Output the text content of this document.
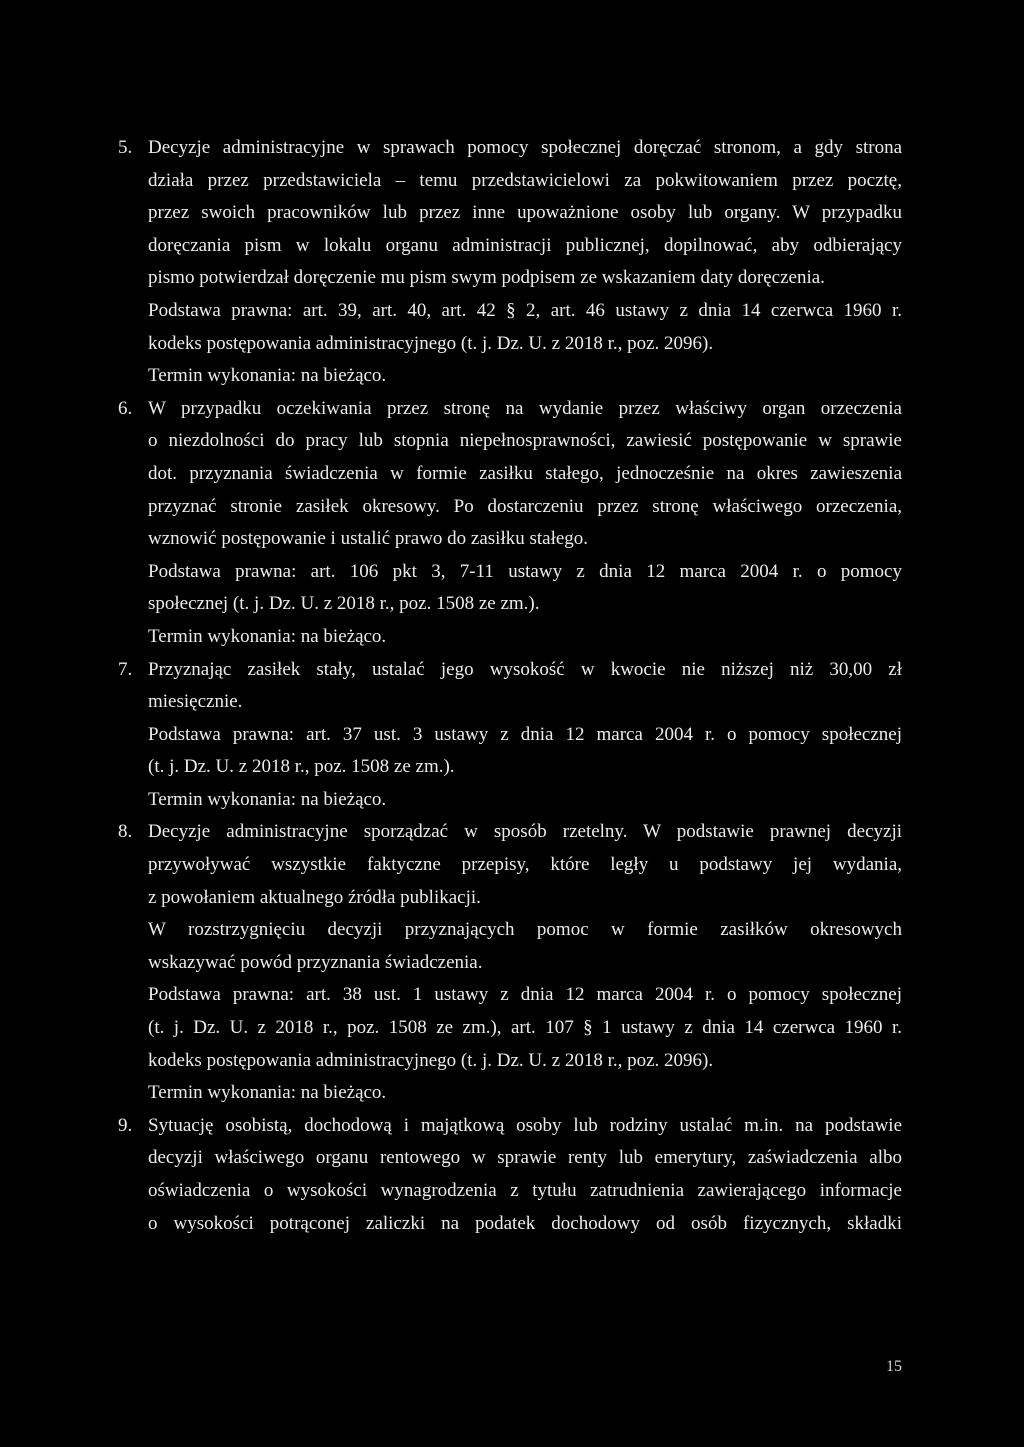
5. Decyzje administracyjne w sprawach pomocy społecznej doręczać stronom, a gdy strona
działa przez przedstawiciela – temu przedstawicielowi za pokwitowaniem przez pocztę,
przez swoich pracowników lub przez inne upoważnione osoby lub organy. W przypadku
doręczania pism w lokalu organu administracji publicznej, dopilnować, aby odbierający
pismo potwierdzał doręczenie mu pism swym podpisem ze wskazaniem daty doręczenia.
Podstawa prawna: art. 39, art. 40, art. 42 § 2, art. 46 ustawy z dnia 14 czerwca 1960 r.
kodeks postępowania administracyjnego (t. j. Dz. U. z 2018 r., poz. 2096).
Termin wykonania: na bieżąco.
6. W przypadku oczekiwania przez stronę na wydanie przez właściwy organ orzeczenia
o niezdolności do pracy lub stopnia niepełnosprawności, zawiesić postępowanie w sprawie
dot. przyznania świadczenia w formie zasiłku stałego, jednocześnie na okres zawieszenia
przyznać stronie zasiłek okresowy. Po dostarczeniu przez stronę właściwego orzeczenia,
wznowić postępowanie i ustalić prawo do zasiłku stałego.
Podstawa prawna: art. 106 pkt 3, 7-11 ustawy z dnia 12 marca 2004 r. o pomocy
społecznej (t. j. Dz. U. z 2018 r., poz. 1508 ze zm.).
Termin wykonania: na bieżąco.
7. Przyznając zasiłek stały, ustalać jego wysokość w kwocie nie niższej niż 30,00 zł
miesięcznie.
Podstawa prawna: art. 37 ust. 3 ustawy z dnia 12 marca 2004 r. o pomocy społecznej
(t. j. Dz. U. z 2018 r., poz. 1508 ze zm.).
Termin wykonania: na bieżąco.
8. Decyzje administracyjne sporządzać w sposób rzetelny. W podstawie prawnej decyzji
przywoływać wszystkie faktyczne przepisy, które legły u podstawy jej wydania,
z powołaniem aktualnego źródła publikacji.
W rozstrzygnięciu decyzji przyznających pomoc w formie zasiłków okresowych
wskazywać powód przyznania świadczenia.
Podstawa prawna: art. 38 ust. 1 ustawy z dnia 12 marca 2004 r. o pomocy społecznej
(t. j. Dz. U. z 2018 r., poz. 1508 ze zm.), art. 107 § 1 ustawy z dnia 14 czerwca 1960 r.
kodeks postępowania administracyjnego (t. j. Dz. U. z 2018 r., poz. 2096).
Termin wykonania: na bieżąco.
9. Sytuację osobistą, dochodową i majątkową osoby lub rodziny ustalać m.in. na podstawie
decyzji właściwego organu rentowego w sprawie renty lub emerytury, zaświadczenia albo
oświadczenia o wysokości wynagrodzenia z tytułu zatrudnienia zawierającego informacje
o wysokości potrąconej zaliczki na podatek dochodowy od osób fizycznych, składki
15
